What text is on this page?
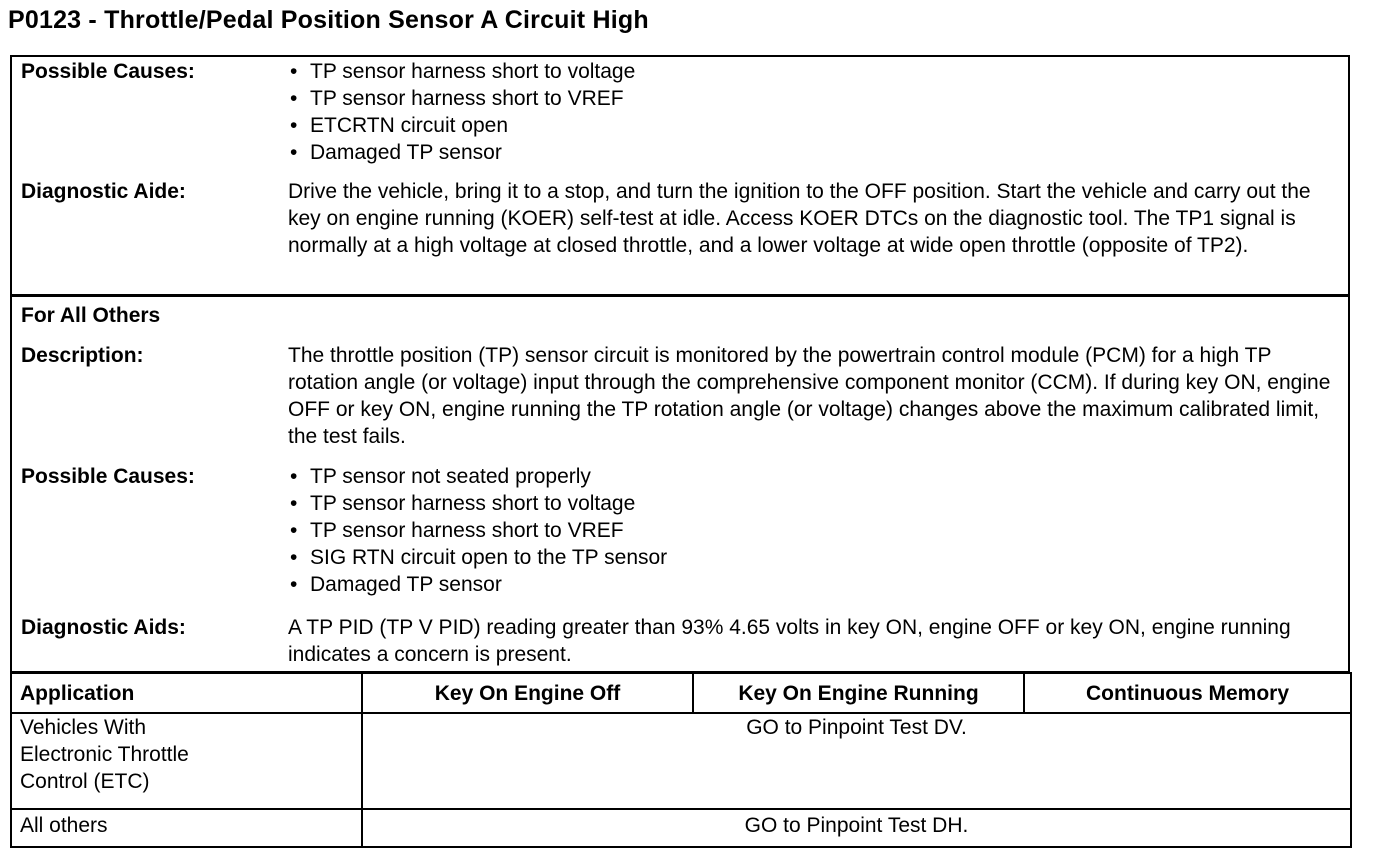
P0123 - Throttle/Pedal Position Sensor A Circuit High
Possible Causes:	• TP sensor harness short to voltage
• TP sensor harness short to VREF
• ETCRTN circuit open
• Damaged TP sensor
Diagnostic Aide:	Drive the vehicle, bring it to a stop, and turn the ignition to the OFF position. Start the vehicle and carry out the key on engine running (KOER) self-test at idle. Access KOER DTCs on the diagnostic tool. The TP1 signal is normally at a high voltage at closed throttle, and a lower voltage at wide open throttle (opposite of TP2).

For All Others
Description:	The throttle position (TP) sensor circuit is monitored by the powertrain control module (PCM) for a high TP rotation angle (or voltage) input through the comprehensive component monitor (CCM). If during key ON, engine OFF or key ON, engine running the TP rotation angle (or voltage) changes above the maximum calibrated limit, the test fails.

Possible Causes:	• TP sensor not seated properly
• TP sensor harness short to voltage
• TP sensor harness short to VREF
• SIG RTN circuit open to the TP sensor
• Damaged TP sensor
Diagnostic Aids:	A TP PID (TP V PID) reading greater than 93% 4.65 volts in key ON, engine OFF or key ON, engine running indicates a concern is present.

Application	Key On Engine Off	Key On Engine Running	Continuous Memory
Vehicles With Electronic Throttle Control (ETC)	GO to Pinpoint Test DV.		
All others	GO to Pinpoint Test DH.		
